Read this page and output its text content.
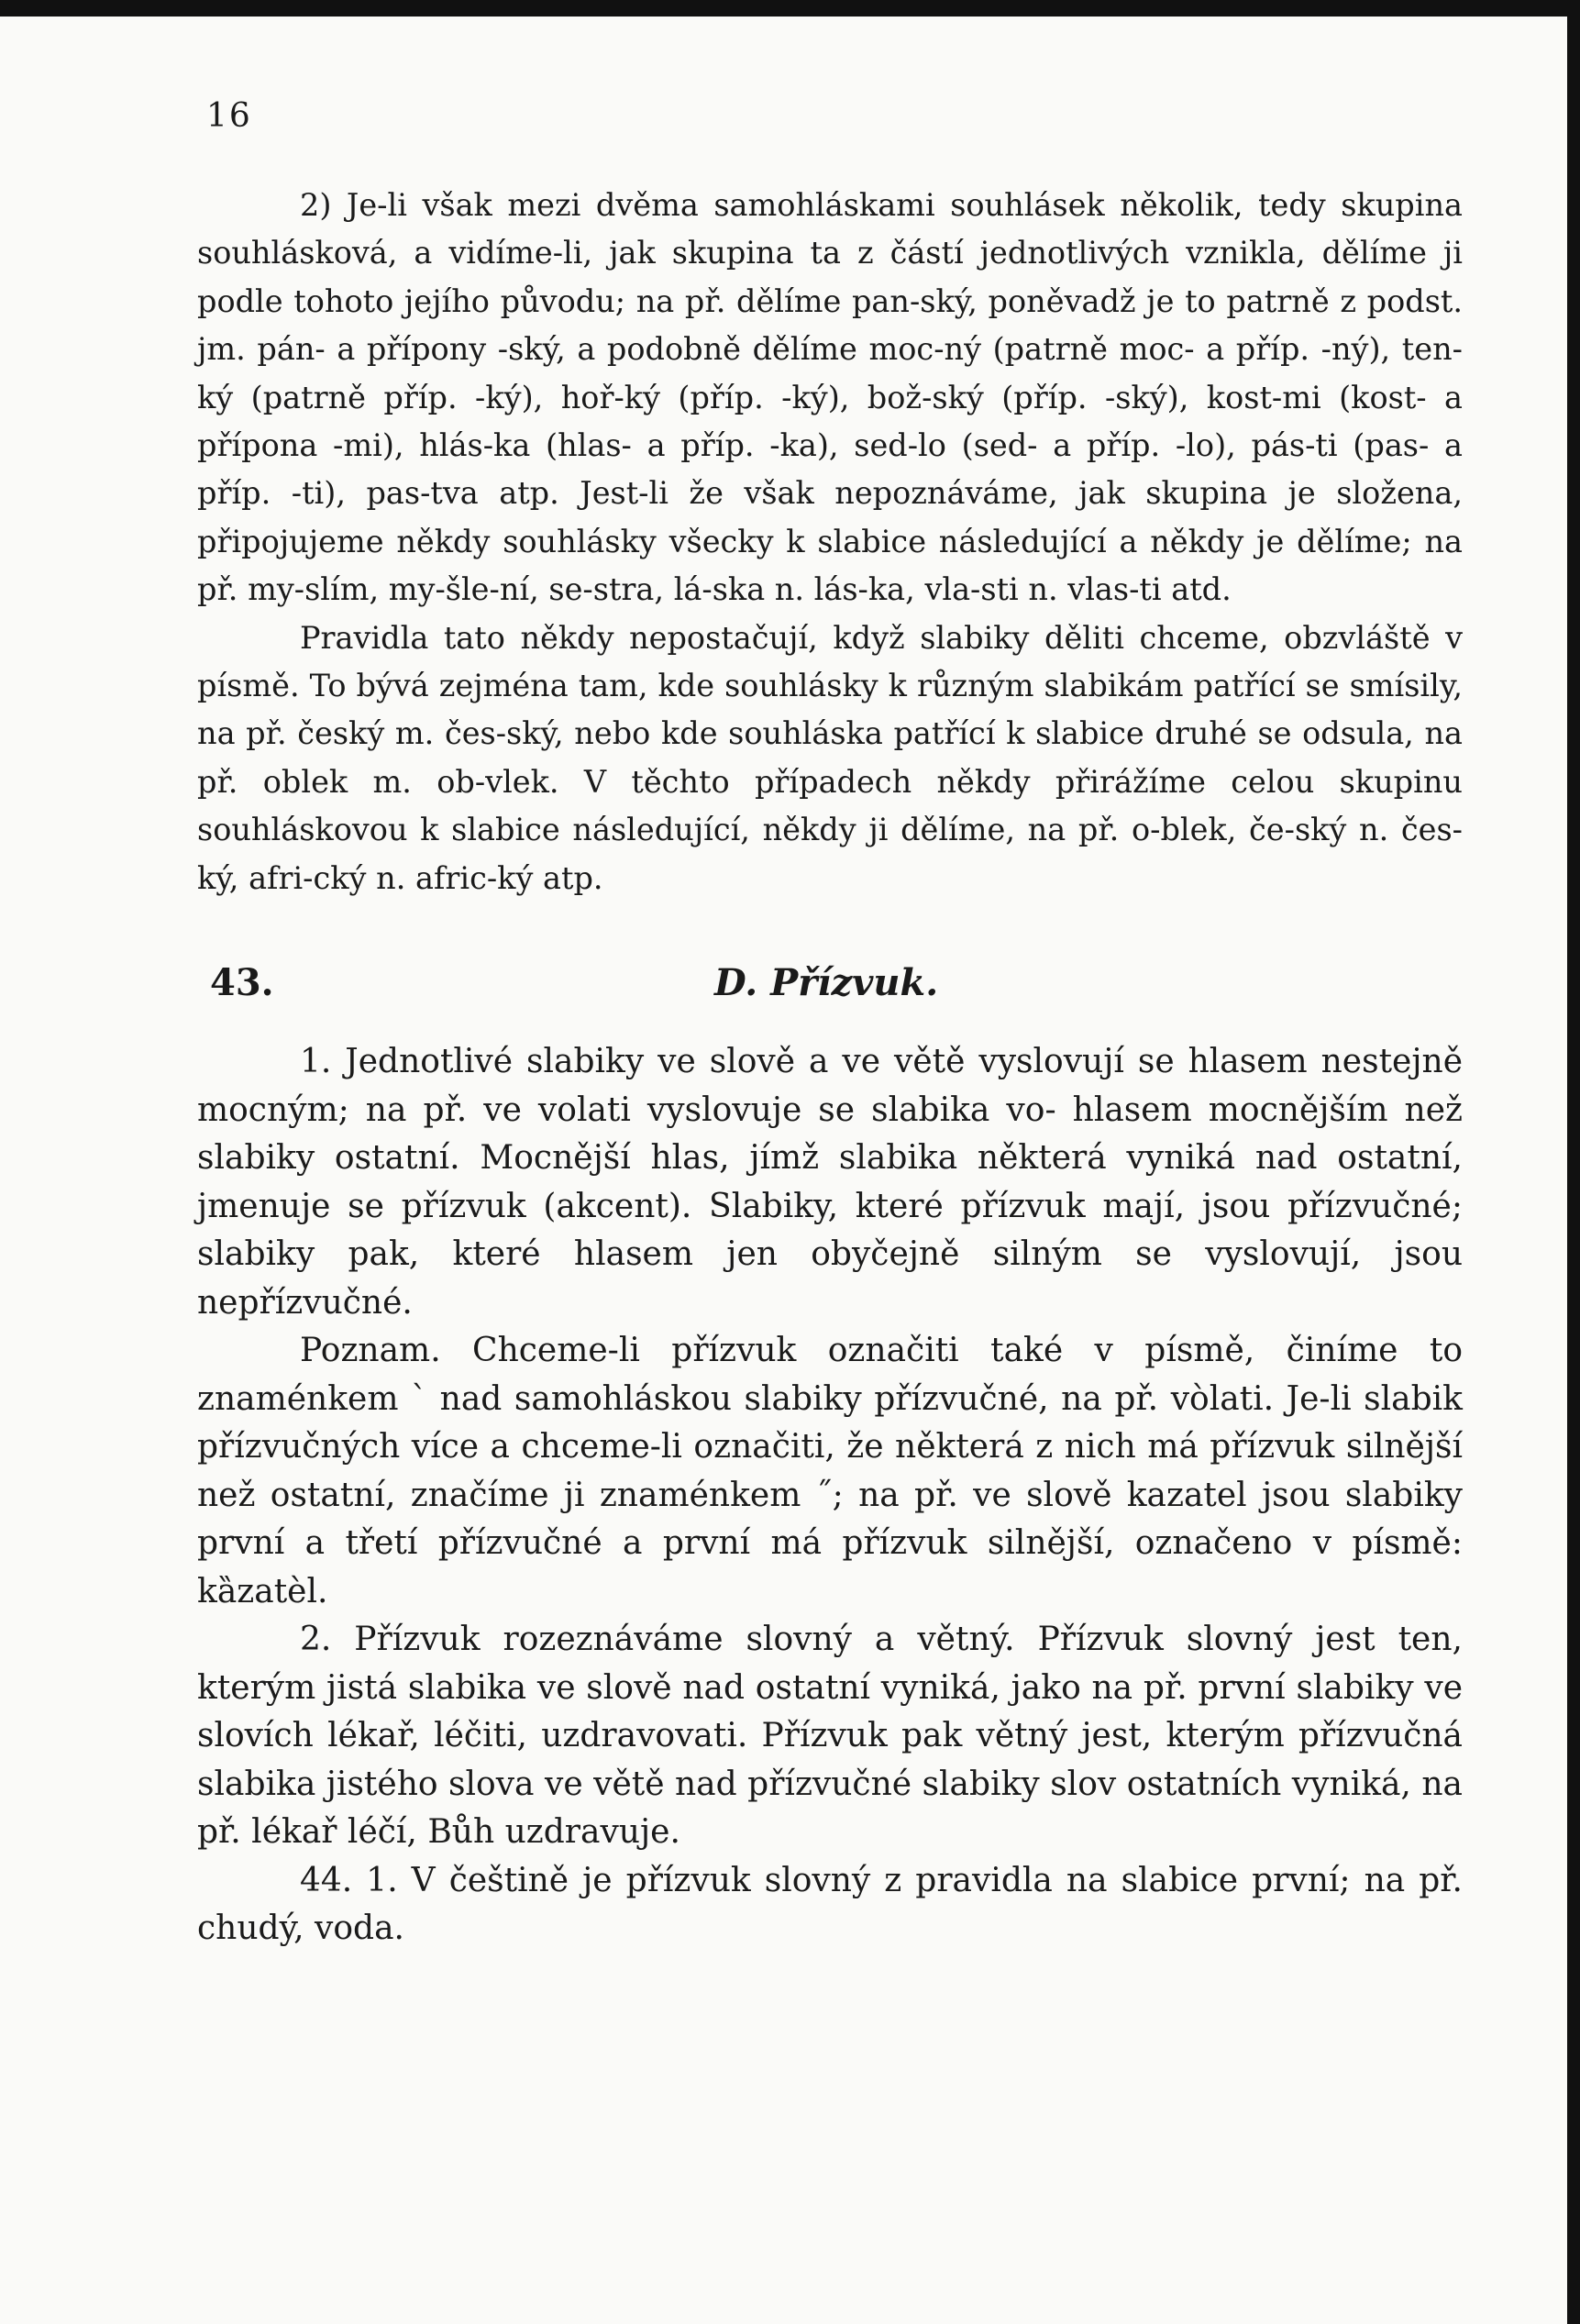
16

2) Je-li však mezi dvěma samohláskami souhlásek několik, tedy skupina souhlásková, a vidíme-li, jak skupina ta z částí jednotlivých vznikla, dělíme ji podle tohoto jejího původu; na př. dělíme pan-ský, poněvadž je to patrně z podst. jm. pán- a přípony -ský, a podobně dělíme moc-ný (patrně moc- a příp. -ný), ten-ký (patrně příp. -ký), hoř-ký (příp. -ký), bož-ský (příp. -ský), kost-mi (kost- a přípona -mi), hlás-ka (hlas- a příp. -ka), sed-lo (sed- a příp. -lo), pás-ti (pas- a příp. -ti), pas-tva atp. Jest-li že však nepoznáváme, jak skupina je složena, připojujeme někdy souhlásky všecky k slabice následující a někdy je dělíme; na př. my-slím, my-šle-ní, se-stra, lá-ska n. lás-ka, vla-sti n. vlas-ti atd.

Pravidla tato někdy nepostačují, když slabiky děliti chceme, obzvláště v písmě. To bývá zejména tam, kde souhlásky k různým slabikám patřící se smísily, na př. český m. čes-ský, nebo kde souhláska patřící k slabice druhé se odsula, na př. oblek m. ob-vlek. V těchto případech někdy přirážíme celou skupinu souhláskovou k slabice následující, někdy ji dělíme, na př. o-blek, če-ský n. čes-ký, afri-cký n. afric-ký atp.

43.	D. Přízvuk.

1. Jednotlivé slabiky ve slově a ve větě vyslovují se hlasem nestejně mocným; na př. ve volati vyslovuje se slabika vo- hlasem mocnějším než slabiky ostatní. Mocnější hlas, jímž slabika některá vyniká nad ostatní, jmenuje se přízvuk (akcent). Slabiky, které přízvuk mají, jsou přízvučné; slabiky pak, které hlasem jen obyčejně silným se vyslovují, jsou nepřízvučné.

Poznam. Chceme-li přízvuk označiti také v písmě, činíme to znaménkem ` nad samohláskou slabiky přízvučné, na př. vòlati. Je-li slabik přízvučných více a chceme-li označiti, že některá z nich má přízvuk silnější než ostatní, značíme ji znaménkem ˝; na př. ve slově kazatel jsou slabiky první a třetí přízvučné a první má přízvuk silnější, označeno v písmě: kȁzatèl.

2. Přízvuk rozeznáváme slovný a větný. Přízvuk slovný jest ten, kterým jistá slabika ve slově nad ostatní vyniká, jako na př. první slabiky ve slovích lékař, léčiti, uzdravovati. Přízvuk pak větný jest, kterým přízvučná slabika jistého slova ve větě nad přízvučné slabiky slov ostatních vyniká, na př. lékař léčí, Bůh uzdravuje.

44. 1. V češtině je přízvuk slovný z pravidla na slabice první; na př. chudý, voda.
